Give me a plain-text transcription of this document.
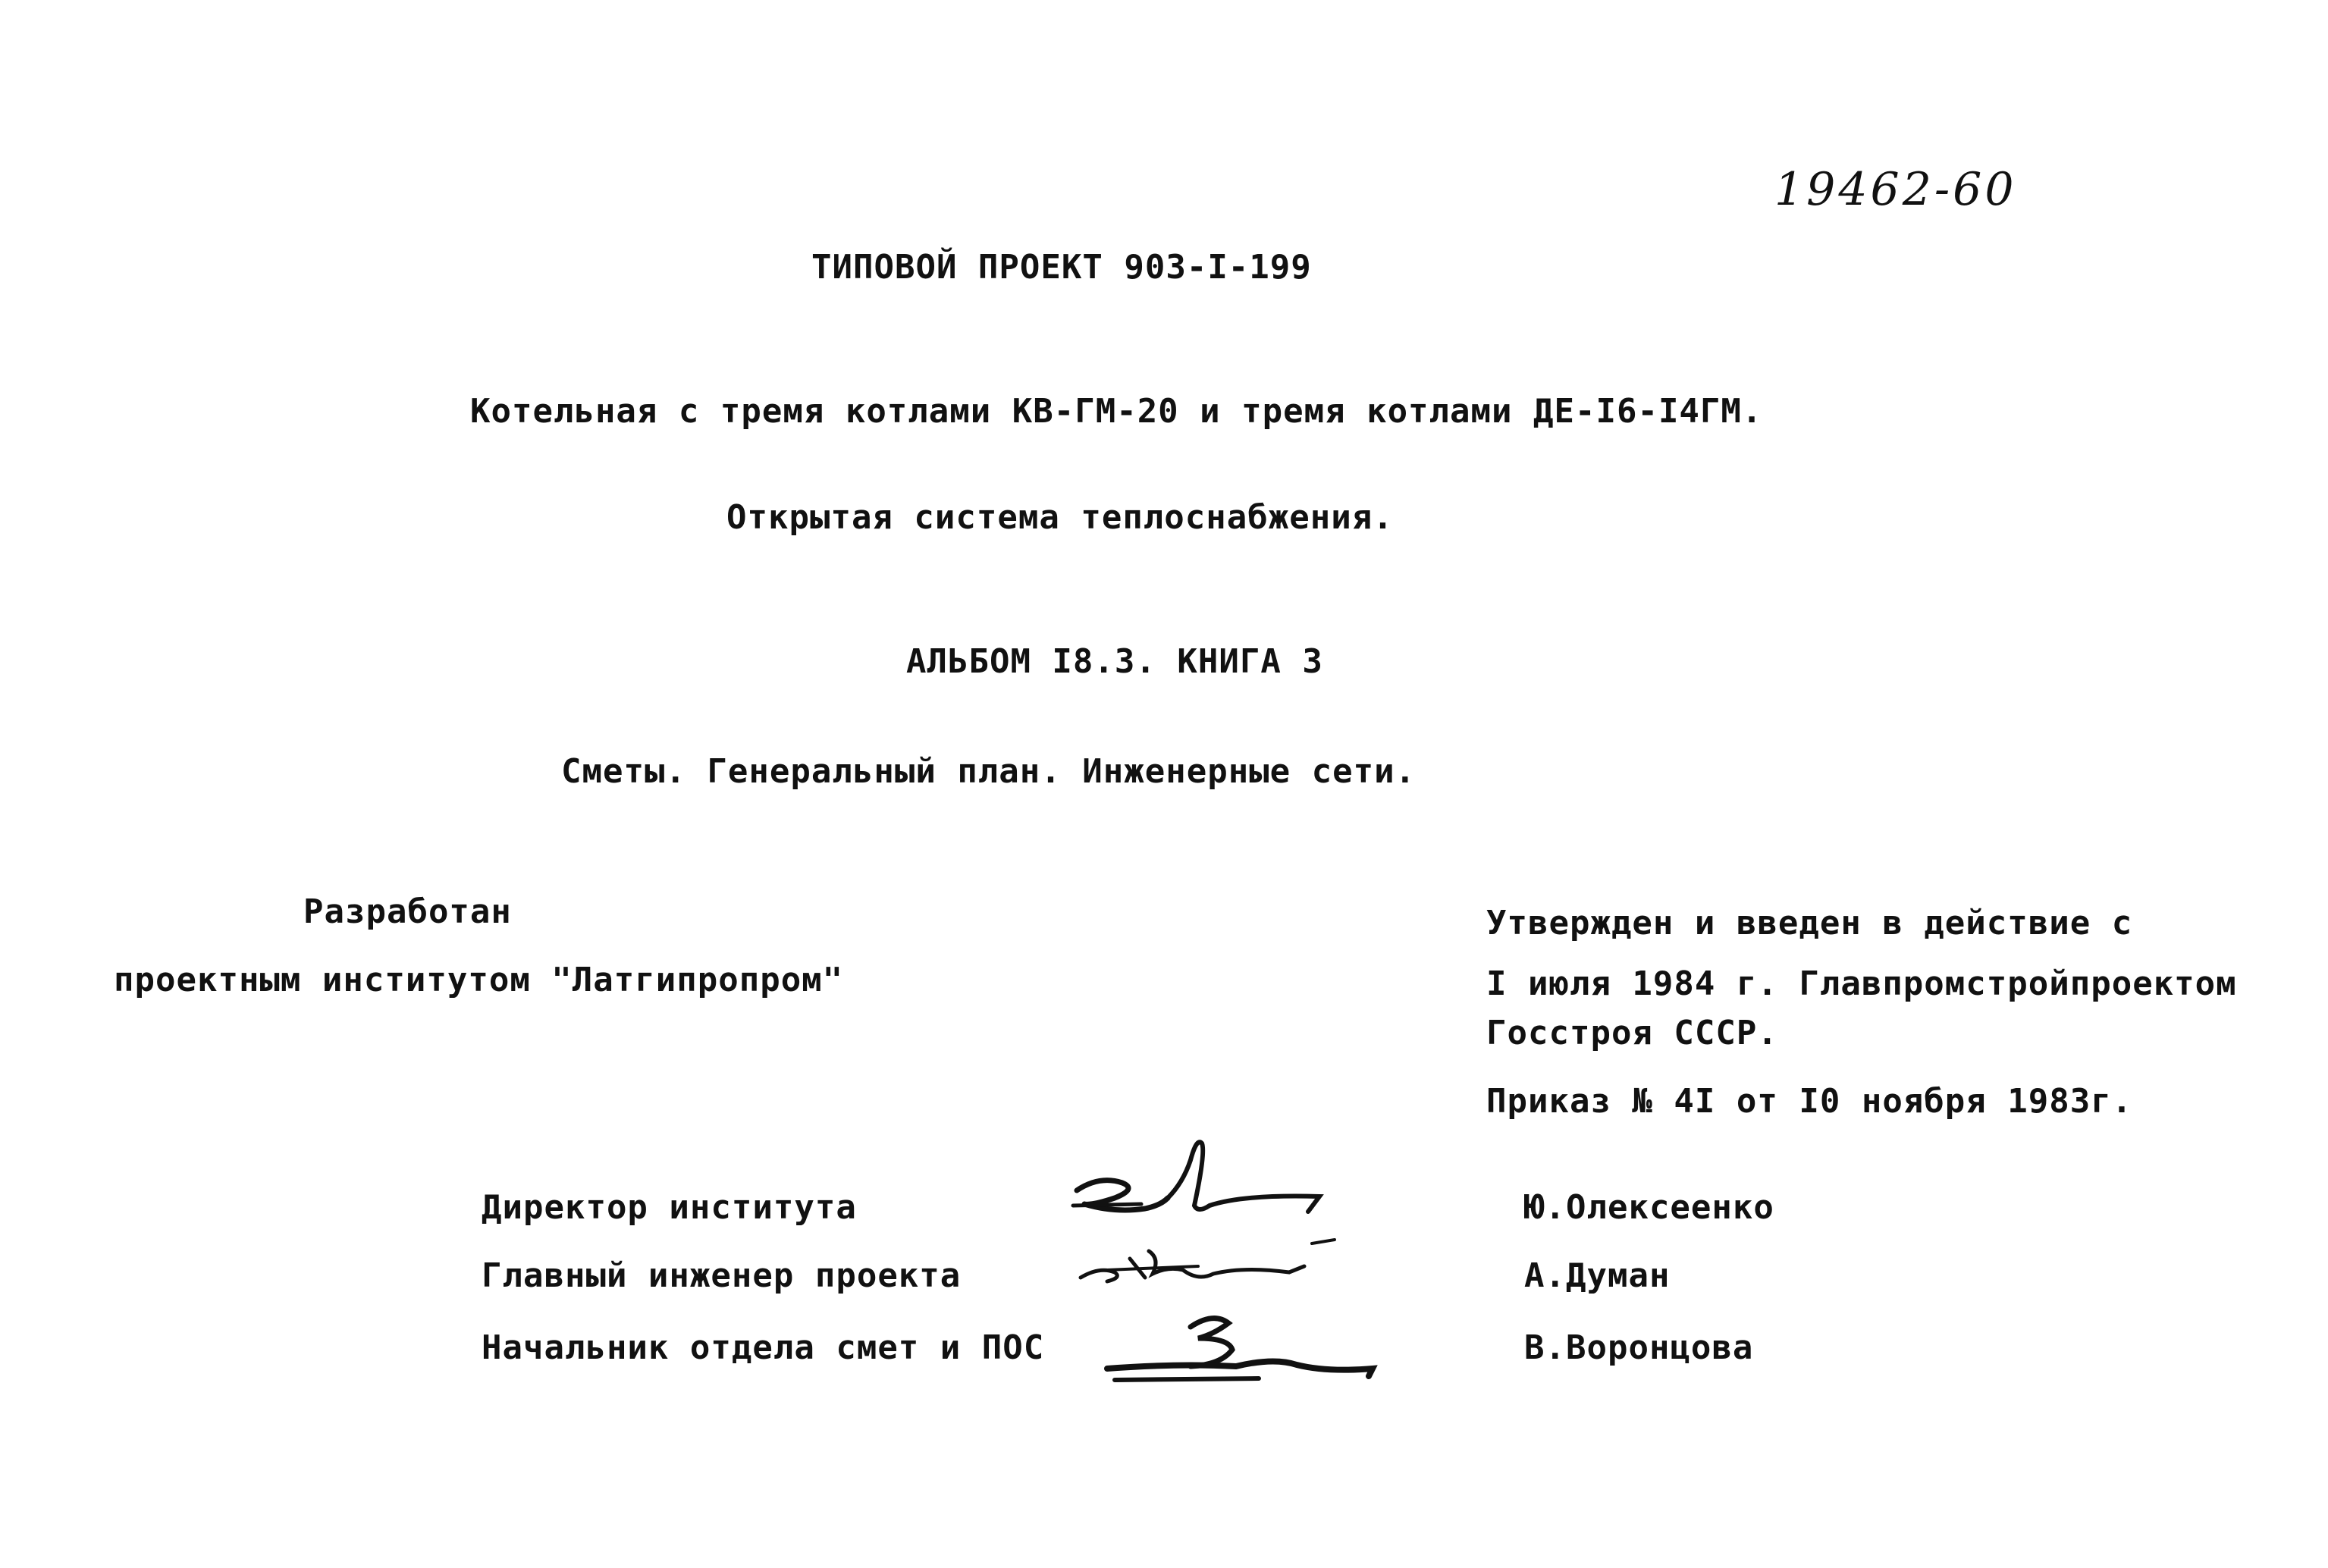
19462-60
ТИПОВОЙ ПРОЕКТ 903-I-199
Котельная с тремя котлами КВ-ГМ-20 и тремя котлами ДЕ-I6-I4ГМ.
Открытая система теплоснабжения.
АЛЬБОМ I8.3. КНИГА 3
Сметы. Генеральный план. Инженерные сети.
Разработан
проектным институтом "Латгипропром"
Утвержден и введен в действие с
I июля 1984 г. Главпромстройпроектом
Госстроя СССР.
Приказ № 4I от I0 ноября 1983г.
Директор института	Ю.Олексеенко
Главный инженер проекта	А.Думан
Начальник отдела смет и ПОС	В.Воронцова
